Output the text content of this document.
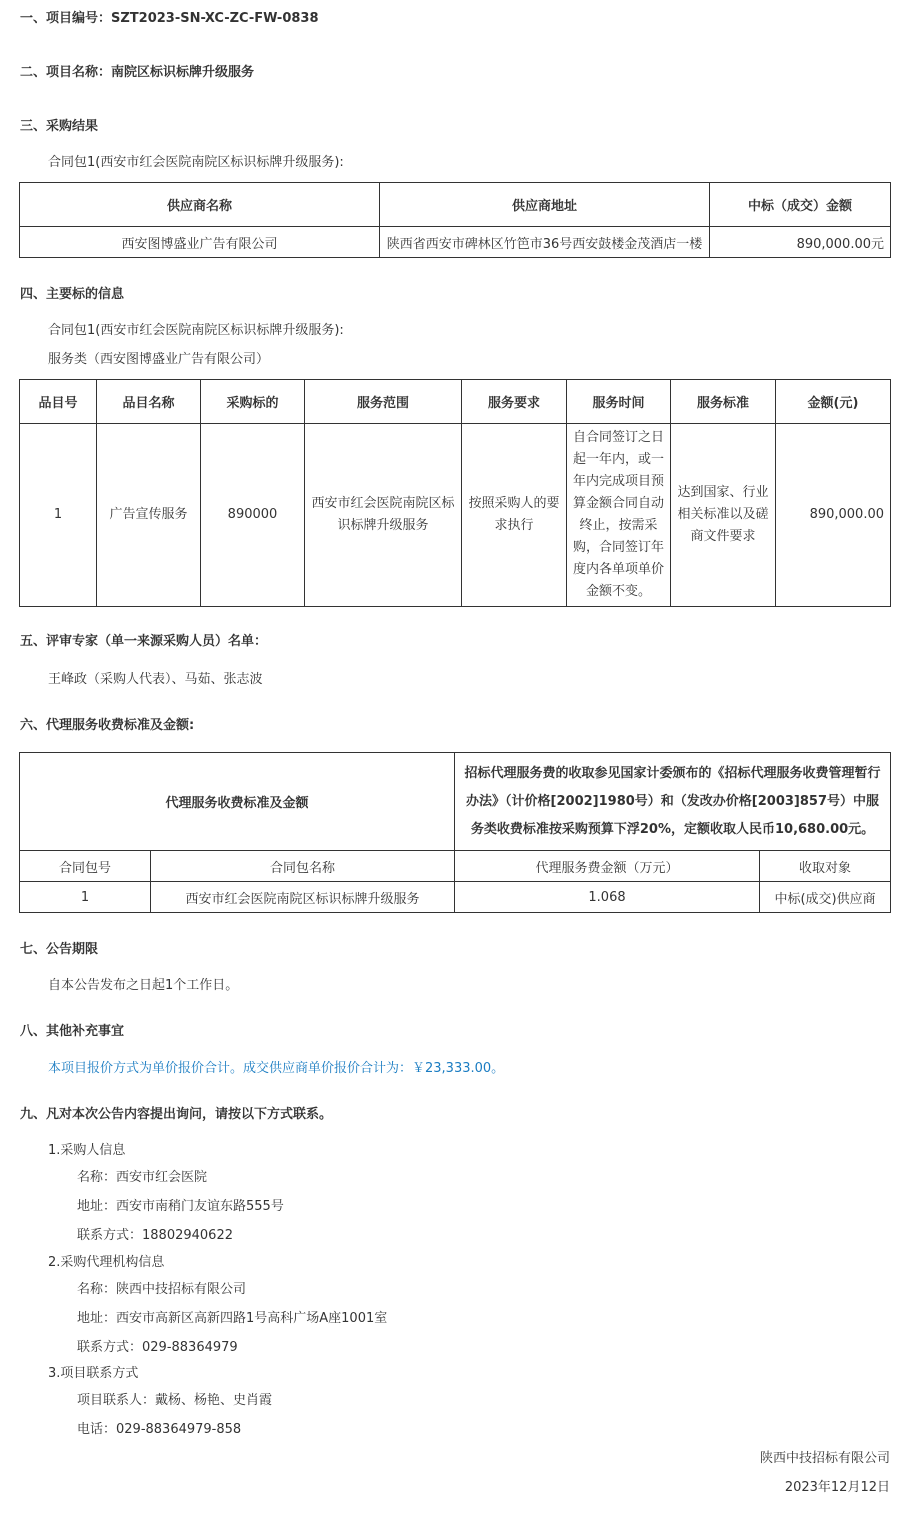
一、项目编号：SZT2023-SN-XC-ZC-FW-0838
二、项目名称：南院区标识标牌升级服务
三、采购结果
合同包1(西安市红会医院南院区标识标牌升级服务):
供应商名称	供应商地址	中标（成交）金额
西安图博盛业广告有限公司	陕西省西安市碑林区竹笆市36号西安鼓楼金茂酒店一楼	890,000.00元
四、主要标的信息
合同包1(西安市红会医院南院区标识标牌升级服务):
服务类（西安图博盛业广告有限公司）
品目号	品目名称	采购标的	服务范围	服务要求	服务时间	服务标准	金额(元)
1	广告宣传服务	890000	西安市红会医院南院区标识标牌升级服务	按照采购人的要求执行	自合同签订之日起一年内，或一年内完成项目预算金额合同自动终止，按需采购，合同签订年度内各单项单价金额不变。	达到国家、行业相关标准以及磋商文件要求	890,000.00
五、评审专家（单一来源采购人员）名单：
王峰政（采购人代表）、马茹、张志波
六、代理服务收费标准及金额:
代理服务收费标准及金额		招标代理服务费的收取参见国家计委颁布的《招标代理服务收费管理暂行办法》（计价格[2002]1980号）和（发改办价格[2003]857号）中服务类收费标准按采购预算下浮20%，定额收取人民币10,680.00元。	
合同包号	合同包名称	代理服务费金额（万元）	收取对象
1	西安市红会医院南院区标识标牌升级服务	1.068	中标(成交)供应商
七、公告期限
自本公告发布之日起1个工作日。
八、其他补充事宜
本项目报价方式为单价报价合计。成交供应商单价报价合计为：￥23,333.00。
九、凡对本次公告内容提出询问，请按以下方式联系。
1.采购人信息
名称：西安市红会医院
地址：西安市南稍门友谊东路555号
联系方式：18802940622
2.采购代理机构信息
名称：陕西中技招标有限公司
地址：西安市高新区高新四路1号高科广场A座1001室
联系方式：029-88364979
3.项目联系方式
项目联系人：戴杨、杨艳、史肖霞
电话：029-88364979-858
陕西中技招标有限公司
2023年12月12日
